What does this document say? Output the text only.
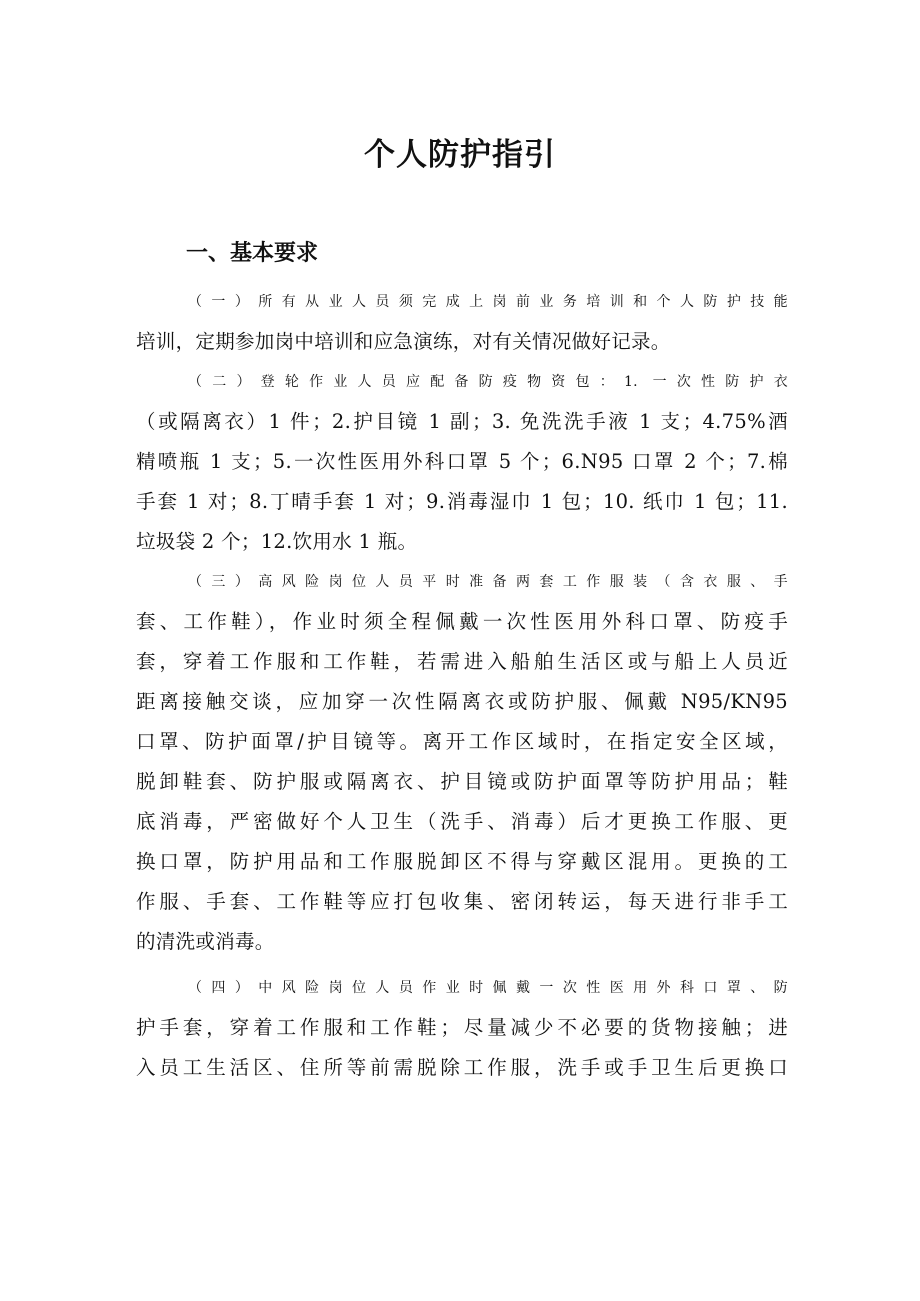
个人防护指引
一、基本要求

（一）所有从业人员须完成上岗前业务培训和个人防护技能
培训，定期参加岗中培训和应急演练，对有关情况做好记录。

（二）登轮作业人员应配备防疫物资包：1. 一次性防护衣
（或隔离衣）1 件；2.护目镜 1 副；3. 免洗洗手液 1 支；4.75%酒
精喷瓶 1 支；5.一次性医用外科口罩 5 个；6.N95 口罩 2 个；7.棉
手套 1 对；8.丁晴手套 1 对；9.消毒湿巾 1 包；10. 纸巾 1 包；11.
垃圾袋 2 个；12.饮用水 1 瓶。

（三）高风险岗位人员平时准备两套工作服装（含衣服、手
套、工作鞋），作业时须全程佩戴一次性医用外科口罩、防疫手
套，穿着工作服和工作鞋，若需进入船舶生活区或与船上人员近
距离接触交谈，应加穿一次性隔离衣或防护服、佩戴 N95/KN95
口罩、防护面罩/护目镜等。离开工作区域时，在指定安全区域，
脱卸鞋套、防护服或隔离衣、护目镜或防护面罩等防护用品；鞋
底消毒，严密做好个人卫生（洗手、消毒）后才更换工作服、更
换口罩，防护用品和工作服脱卸区不得与穿戴区混用。更换的工
作服、手套、工作鞋等应打包收集、密闭转运，每天进行非手工
的清洗或消毒。

（四）中风险岗位人员作业时佩戴一次性医用外科口罩、防
护手套，穿着工作服和工作鞋；尽量减少不必要的货物接触；进
入员工生活区、住所等前需脱除工作服，洗手或手卫生后更换口
